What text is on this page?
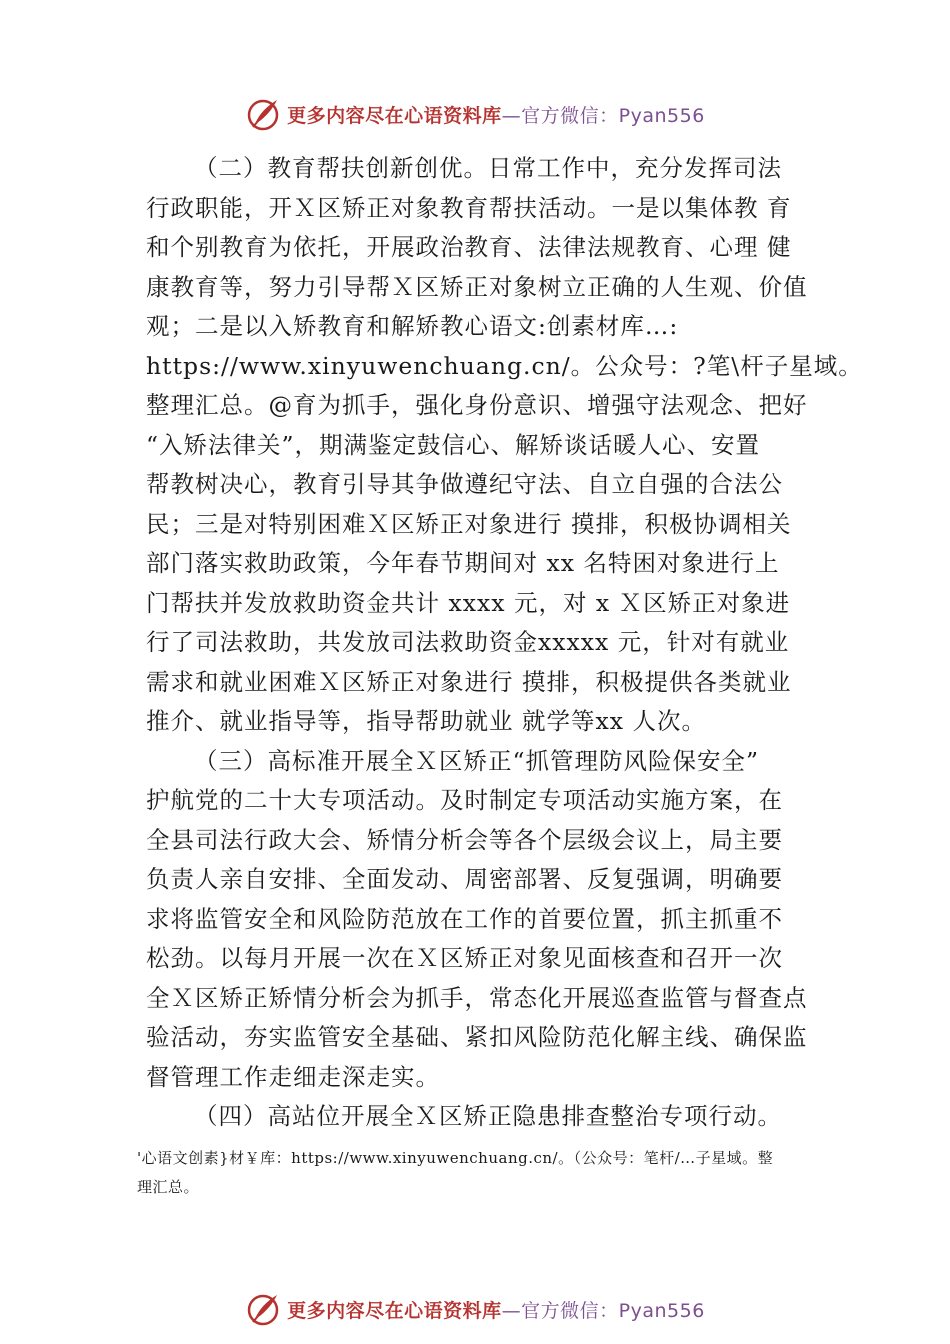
更多内容尽在心语资料库 —官方微信：Pyan556
（二）教育帮扶创新创优。日常工作中，充分发挥司法
行政职能，开Ｘ区矫正对象教育帮扶活动。一是以集体教 育
和个别教育为依托，开展政治教育、法律法规教育、心理 健
康教育等，努力引导帮Ｘ区矫正对象树立正确的人生观、价值
观；二是以入矫教育和解矫教心语文:创素材库…:
https://www.xinyuwenchuang.cn/。公众号：?笔\杆子星域。
整理汇总。@育为抓手，强化身份意识、增强守法观念、把好
“入矫法律关”，期满鉴定鼓信心、解矫谈话暖人心、安置
帮教树决心，教育引导其争做遵纪守法、自立自强的合法公
民；三是对特别困难Ｘ区矫正对象进行 摸排，积极协调相关
部门落实救助政策，今年春节期间对 xx 名特困对象进行上
门帮扶并发放救助资金共计 xxxx 元，对 x Ｘ区矫正对象进
行了司法救助，共发放司法救助资金xxxxx 元，针对有就业
需求和就业困难Ｘ区矫正对象进行 摸排，积极提供各类就业
推介、就业指导等，指导帮助就业 就学等xx 人次。
（三）高标准开展全Ｘ区矫正“抓管理防风险保安全”
护航党的二十大专项活动。及时制定专项活动实施方案，在
全县司法行政大会、矫情分析会等各个层级会议上，局主要
负责人亲自安排、全面发动、周密部署、反复强调，明确要
求将监管安全和风险防范放在工作的首要位置，抓主抓重不
松劲。以每月开展一次在Ｘ区矫正对象见面核查和召开一次
全Ｘ区矫正矫情分析会为抓手，常态化开展巡查监管与督查点
验活动，夯实监管安全基础、紧扣风险防范化解主线、确保监
督管理工作走细走深走实。
（四）高站位开展全Ｘ区矫正隐患排查整治专项行动。
'心语文创素}材￥库：https://www.xinyuwenchuang.cn/。（公众号：笔杆/…子星域。整
理汇总。
更多内容尽在心语资料库 —官方微信：Pyan556
